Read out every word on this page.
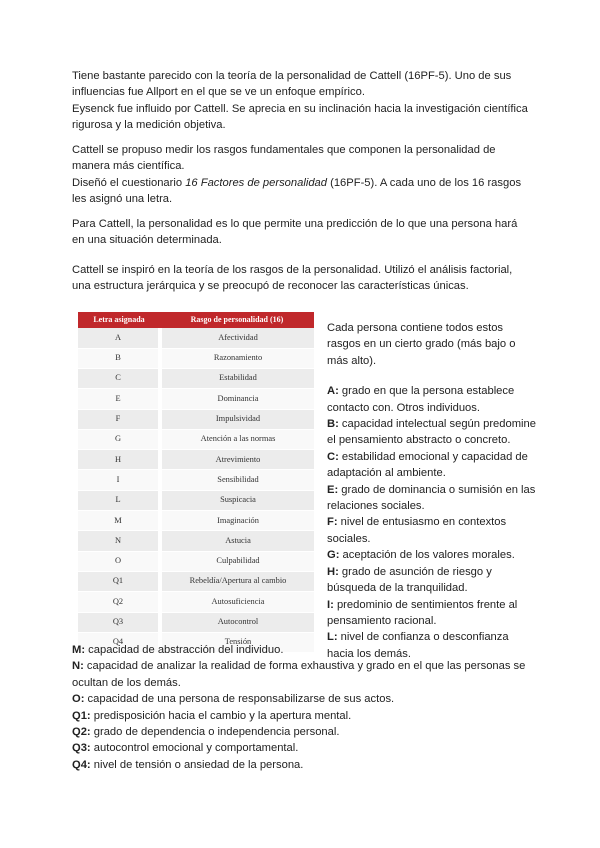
Tiene bastante parecido con la teoría de la personalidad de Cattell (16PF-5). Uno de sus influencias fue Allport en el que se ve un enfoque empírico.

Eysenck fue influido por Cattell. Se aprecia en su inclinación hacia la investigación científica rigurosa y la medición objetiva.

Cattell se propuso medir los rasgos fundamentales que componen la personalidad de manera más científica.

Diseñó el cuestionario 16 Factores de personalidad (16PF-5). A cada uno de los 16 rasgos les asignó una letra.

Para Cattell, la personalidad es lo que permite una predicción de lo que una persona hará en una situación determinada.

Cattell se inspiró en la teoría de los rasgos de la personalidad. Utilizó el análisis factorial, una estructura jerárquica y se preocupó de reconocer las características únicas.

Letra asignada	Rasgo de personalidad (16)
A	Afectividad
B	Razonamiento
C	Estabilidad
E	Dominancia
F	Impulsividad
G	Atención a las normas
H	Atrevimiento
I	Sensibilidad
L	Suspicacia
M	Imaginación
N	Astucia
O	Culpabilidad
Q1	Rebeldía/Apertura al cambio
Q2	Autosuficiencia
Q3	Autocontrol
Q4	Tensión

Cada persona contiene todos estos rasgos en un cierto grado (más bajo o más alto).

A: grado en que la persona establece contacto con. Otros individuos.

B: capacidad intelectual según predomine el pensamiento abstracto o concreto.

C: estabilidad emocional y capacidad de adaptación al ambiente.

E: grado de dominancia o sumisión en las relaciones sociales.

F: nivel de entusiasmo en contextos sociales.

G: aceptación de los valores morales.

H: grado de asunción de riesgo y búsqueda de la tranquilidad.

I: predominio de sentimientos frente al pensamiento racional.

L: nivel de confianza o desconfianza hacia los demás.

M: capacidad de abstracción del individuo.

N: capacidad de analizar la realidad de forma exhaustiva y grado en el que las personas se ocultan de los demás.

O: capacidad de una persona de responsabilizarse de sus actos.

Q1: predisposición hacia el cambio y la apertura mental.

Q2: grado de dependencia o independencia personal.

Q3: autocontrol emocional y comportamental.

Q4: nivel de tensión o ansiedad de la persona.
